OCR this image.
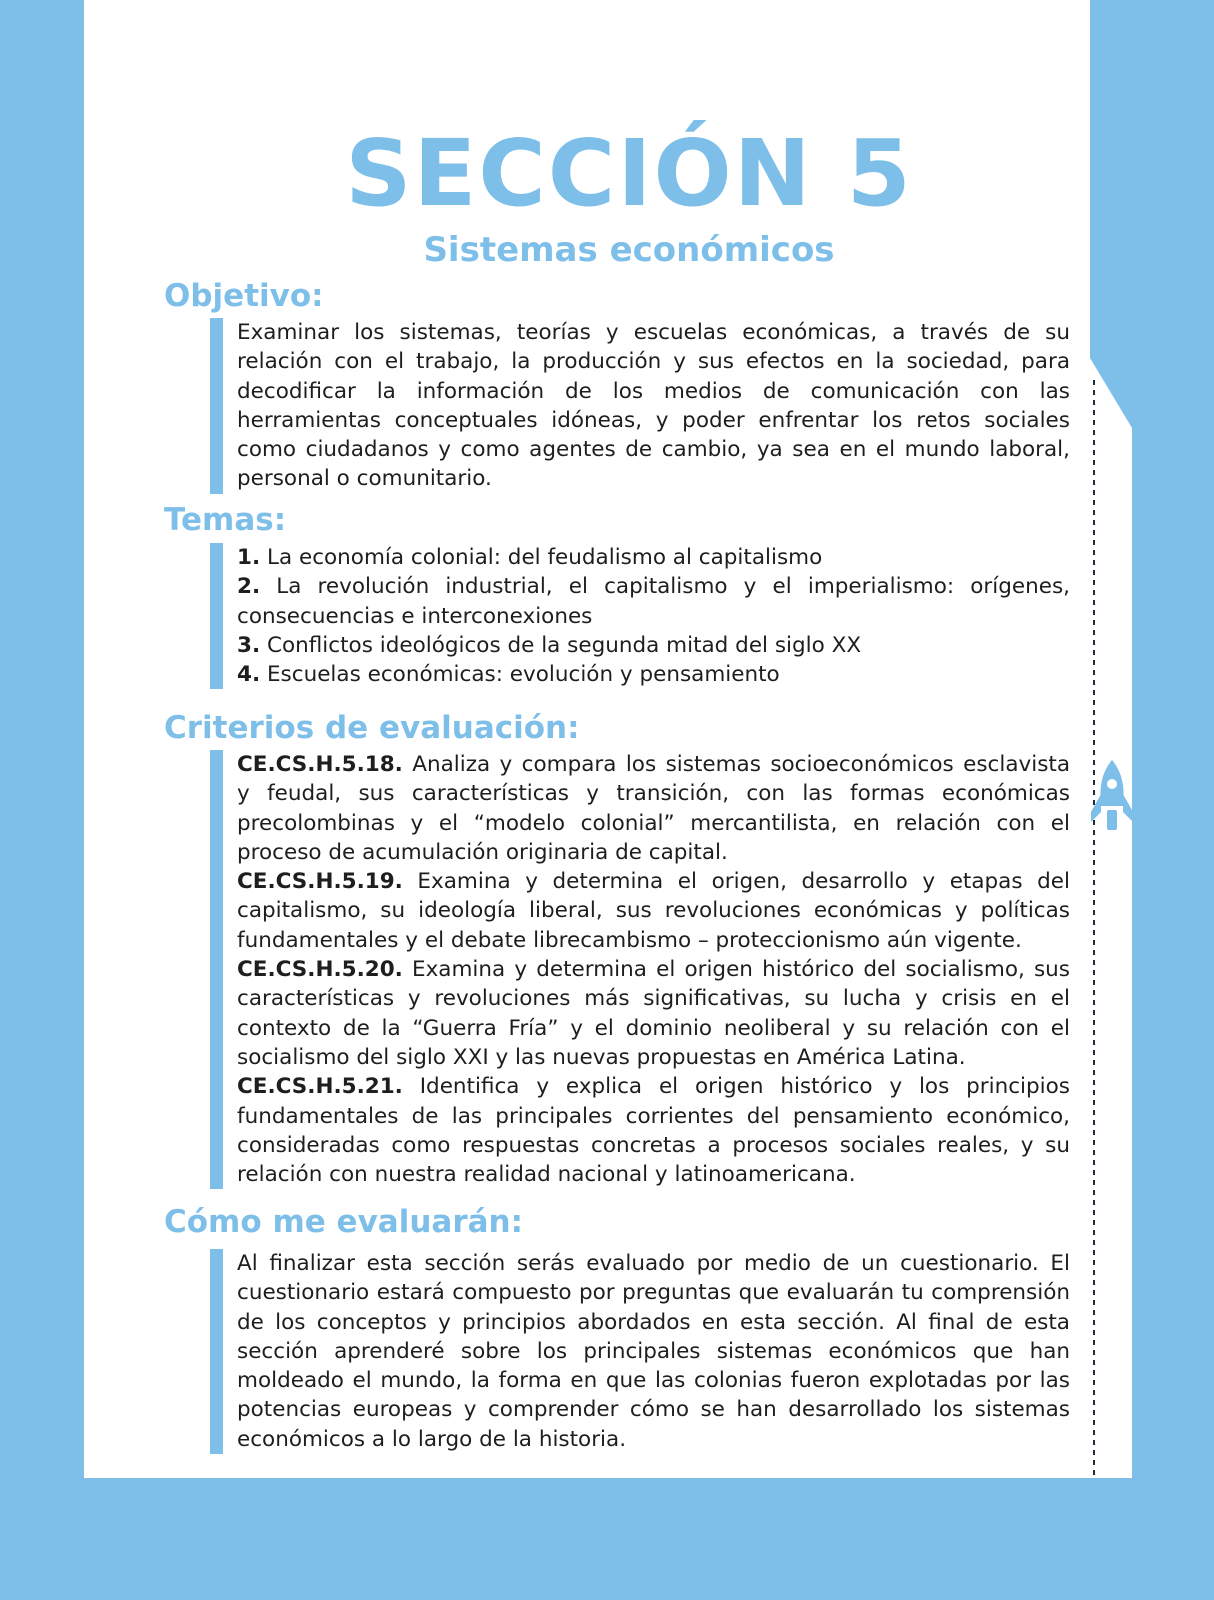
SECCIÓN 5
Sistemas económicos
Objetivo:

Examinar los sistemas, teorías y escuelas económicas, a través de su relación con el trabajo, la producción y sus efectos en la sociedad, para decodificar la información de los medios de comunicación con las herramientas conceptuales idóneas, y poder enfrentar los retos sociales como ciudadanos y como agentes de cambio, ya sea en el mundo laboral, personal o comunitario.

Temas:
1. La economía colonial: del feudalismo al capitalismo
2. La revolución industrial, el capitalismo y el imperialismo: orígenes, consecuencias e interconexiones
3. Conflictos ideológicos de la segunda mitad del siglo XX
4. Escuelas económicas: evolución y pensamiento
Criterios de evaluación:
CE.CS.H.5.18. Analiza y compara los sistemas socioeconómicos esclavista y feudal, sus características y transición, con las formas económicas precolombinas y el “modelo colonial” mercantilista, en relación con el proceso de acumulación originaria de capital.
CE.CS.H.5.19. Examina y determina el origen, desarrollo y etapas del capitalismo, su ideología liberal, sus revoluciones económicas y políticas fundamentales y el debate librecambismo – proteccionismo aún vigente.
CE.CS.H.5.20. Examina y determina el origen histórico del socialismo, sus características y revoluciones más significativas, su lucha y crisis en el contexto de la “Guerra Fría” y el dominio neoliberal y su relación con el socialismo del siglo XXI y las nuevas propuestas en América Latina.
CE.CS.H.5.21. Identifica y explica el origen histórico y los principios fundamentales de las principales corrientes del pensamiento económico, consideradas como respuestas concretas a procesos sociales reales, y su relación con nuestra realidad nacional y latinoamericana.
Cómo me evaluarán:

Al finalizar esta sección serás evaluado por medio de un cuestionario. El cuestionario estará compuesto por preguntas que evaluarán tu comprensión de los conceptos y principios abordados en esta sección. Al final de esta sección aprenderé sobre los principales sistemas económicos que han moldeado el mundo, la forma en que las colonias fueron explotadas por las potencias europeas y comprender cómo se han desarrollado los sistemas económicos a lo largo de la historia.
